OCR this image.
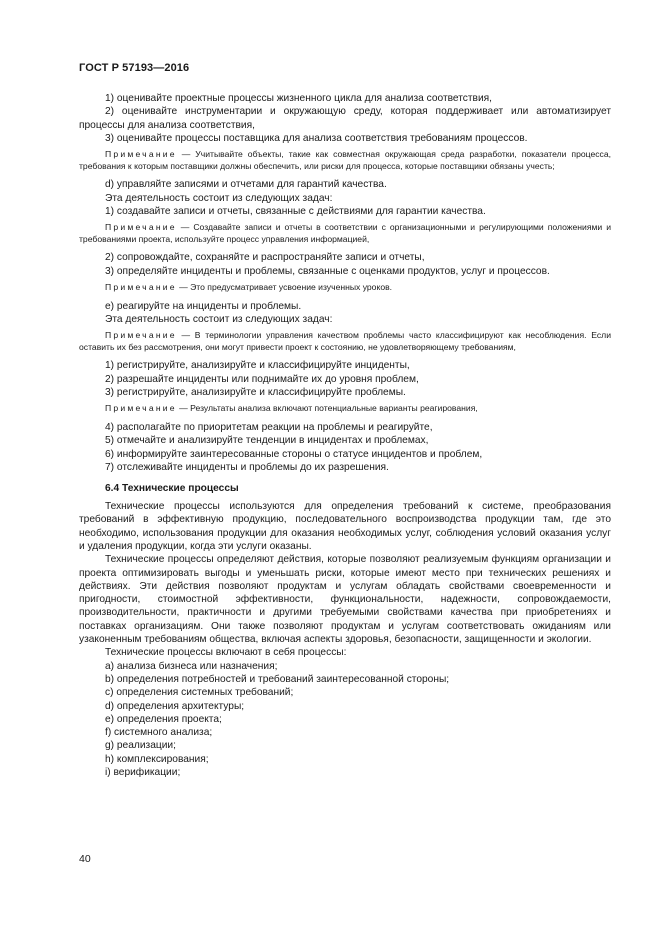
ГОСТ Р 57193—2016

1) оценивайте проектные процессы жизненного цикла для анализа соответствия,

2) оценивайте инструментарии и окружающую среду, которая поддерживает или автоматизирует процессы для анализа соответствия,

3) оценивайте процессы поставщика для анализа соответствия требованиям процессов.

Примечание — Учитывайте объекты, такие как совместная окружающая среда разработки, показатели процесса, требования к которым поставщики должны обеспечить, или риски для процесса, которые поставщики обязаны учесть;

d) управляйте записями и отчетами для гарантий качества.

Эта деятельность состоит из следующих задач:

1) создавайте записи и отчеты, связанные с действиями для гарантии качества.

Примечание — Создавайте записи и отчеты в соответствии с организационными и регулирующими положениями и требованиями проекта, используйте процесс управления информацией,

2) сопровождайте, сохраняйте и распространяйте записи и отчеты,

3) определяйте инциденты и проблемы, связанные с оценками продуктов, услуг и процессов.

Примечание — Это предусматривает усвоение изученных уроков.

e) реагируйте на инциденты и проблемы.

Эта деятельность состоит из следующих задач:

Примечание — В терминологии управления качеством проблемы часто классифицируют как несоблюдения. Если оставить их без рассмотрения, они могут привести проект к состоянию, не удовлетворяющему требованиям,

1) регистрируйте, анализируйте и классифицируйте инциденты,

2) разрешайте инциденты или поднимайте их до уровня проблем,

3) регистрируйте, анализируйте и классифицируйте проблемы.

Примечание — Результаты анализа включают потенциальные варианты реагирования,

4) располагайте по приоритетам реакции на проблемы и реагируйте,

5) отмечайте и анализируйте тенденции в инцидентах и проблемах,

6) информируйте заинтересованные стороны о статусе инцидентов и проблем,

7) отслеживайте инциденты и проблемы до их разрешения.

6.4 Технические процессы

Технические процессы используются для определения требований к системе, преобразования требований в эффективную продукцию, последовательного воспроизводства продукции там, где это необходимо, использования продукции для оказания необходимых услуг, соблюдения условий оказания услуг и удаления продукции, когда эти услуги оказаны.

Технические процессы определяют действия, которые позволяют реализуемым функциям организации и проекта оптимизировать выгоды и уменьшать риски, которые имеют место при технических решениях и действиях. Эти действия позволяют продуктам и услугам обладать свойствами своевременности и пригодности, стоимостной эффективности, функциональности, надежности, сопровождаемости, производительности, практичности и другими требуемыми свойствами качества при приобретениях и поставках организациям. Они также позволяют продуктам и услугам соответствовать ожиданиям или узаконенным требованиям общества, включая аспекты здоровья, безопасности, защищенности и экологии.

Технические процессы включают в себя процессы:

a) анализа бизнеса или назначения;

b) определения потребностей и требований заинтересованной стороны;

c) определения системных требований;

d) определения архитектуры;

e) определения проекта;

f) системного анализа;

g) реализации;

h) комплексирования;

i) верификации;

40
